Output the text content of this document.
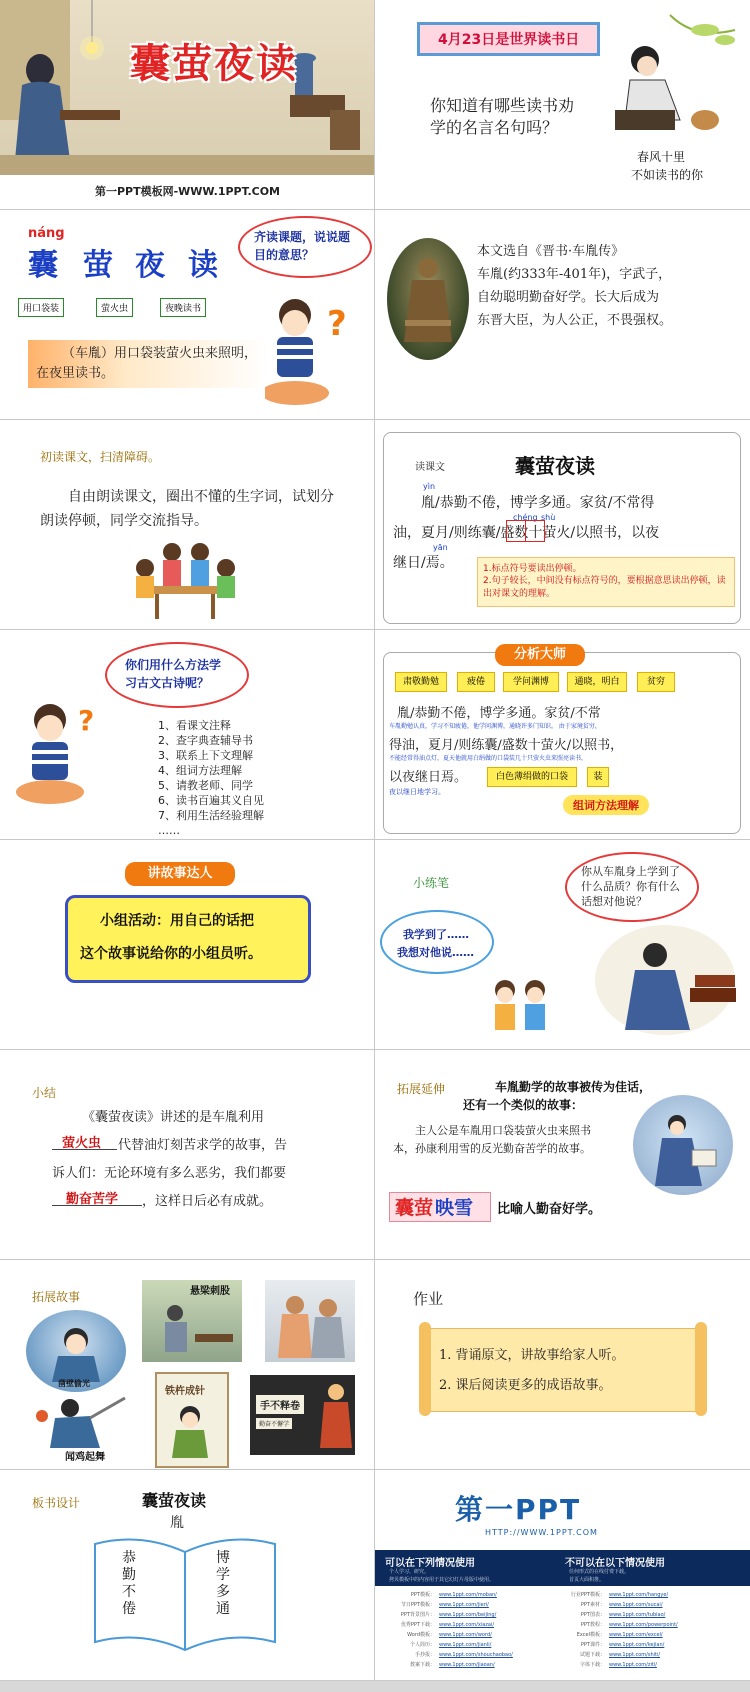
囊萤夜读
第一PPT模板网-WWW.1PPT.COM
4月23日是世界读书日
你知道有哪些读书劝学的名言名句吗？
春风十里
不如读书的你
náng
囊 萤 夜 读
用口袋装	萤火虫	夜晚读书
齐读课题，说说题目的意思？
（车胤）用口袋装萤火虫来照明，在夜里读书。
?
本文选自《晋书·车胤传》
车胤(约333年-401年)，字武子，
自幼聪明勤奋好学。长大后成为
东晋大臣，为人公正，不畏强权。
初读课文，扫清障碍。
自由朗读课文，圈出不懂的生字词，试划分朗读停顿，同学交流指导。
读课文	囊萤夜读
yìn
胤/恭勤不倦，博学多通。家贫/不常得
chéng shù
油，夏月/则练囊/盛数十萤火/以照书，以夜
yān
继日/焉。	1.标点符号要读出停顿。
2.句子较长，中间没有标点符号的，要根据意思读出停顿，读出对课文的理解。
你们用什么方法学习古文古诗呢？
?	1、看课文注释
2、查字典查辅导书
3、联系上下文理解
4、组词方法理解
5、请教老师、同学
6、读书百遍其义自见
7、利用生活经验理解
……
分析大师
肃敬勤勉	疲倦	学问渊博	通晓，明白	贫穷
胤/恭勤不倦，博学多通。家贫/不常
车胤勤勉认真，学习不知疲倦，他学问渊博，通晓许多门知识。 由于家境贫穷，
得油，夏月/则练囊/盛数十萤火/以照书，
不能经常得油点灯，夏天他就用白绢做的口袋装几十只萤火虫来照亮读书，
以夜继日焉。	白色薄绢做的口袋	装
夜以继日地学习。
组词方法理解
讲故事达人
小组活动：用自己的话把
这个故事说给你的小组员听。
小练笔
你从车胤身上学到了什么品质？你有什么话想对他说？
我学到了……
我想对他说……
小结
《囊萤夜读》讲述的是车胤利用
萤火虫 代替油灯刻苦求学的故事，告
诉人们：无论环境有多么恶劣，我们都要
勤奋苦学 ，这样日后必有成就。
拓展延伸	车胤勤学的故事被传为佳话，
还有一个类似的故事：
主人公是车胤用口袋装萤火虫来照书本，孙康利用雪的反光勤奋苦学的故事。
囊萤 映雪 比喻人勤奋好学。
拓展故事
凿壁偷光
悬梁刺股
闻鸡起舞
铁杵成针
手不释卷
勤奋不懈学
作业
1. 背诵原文，讲故事给家人听。
2. 课后阅读更多的成语故事。
板书设计	囊萤夜读
胤
恭勤不倦
博学多通
第一PPT
HTTP://WWW.1PPT.COM
可以在下列情况使用
个人学习、研究。
拷贝模板中的内容用于其它幻灯片母版中使用。
不可以在以下情况使用
任何形式的在线付费下载。
首页大面积推。
PPT模板： www.1ppt.com/moban/
节日PPT模板： www.1ppt.com/jieri/
PPT背景图片： www.1ppt.com/beijing/
优秀PPT下载： www.1ppt.com/xiazai/
Word模板： www.1ppt.com/word/
个人简历： www.1ppt.com/jianli/
手抄报： www.1ppt.com/shouchaobao/
教案下载： www.1ppt.com/jiaoan/
行业PPT模板： www.1ppt.com/hangye/
PPT素材： www.1ppt.com/sucai/
PPT图表： www.1ppt.com/tubiao/
PPT教程： www.1ppt.com/powerpoint/
Excel模板： www.1ppt.com/excel/
PPT课件： www.1ppt.com/kejian/
试题下载： www.1ppt.com/shiti/
字体下载： www.1ppt.com/ziti/
